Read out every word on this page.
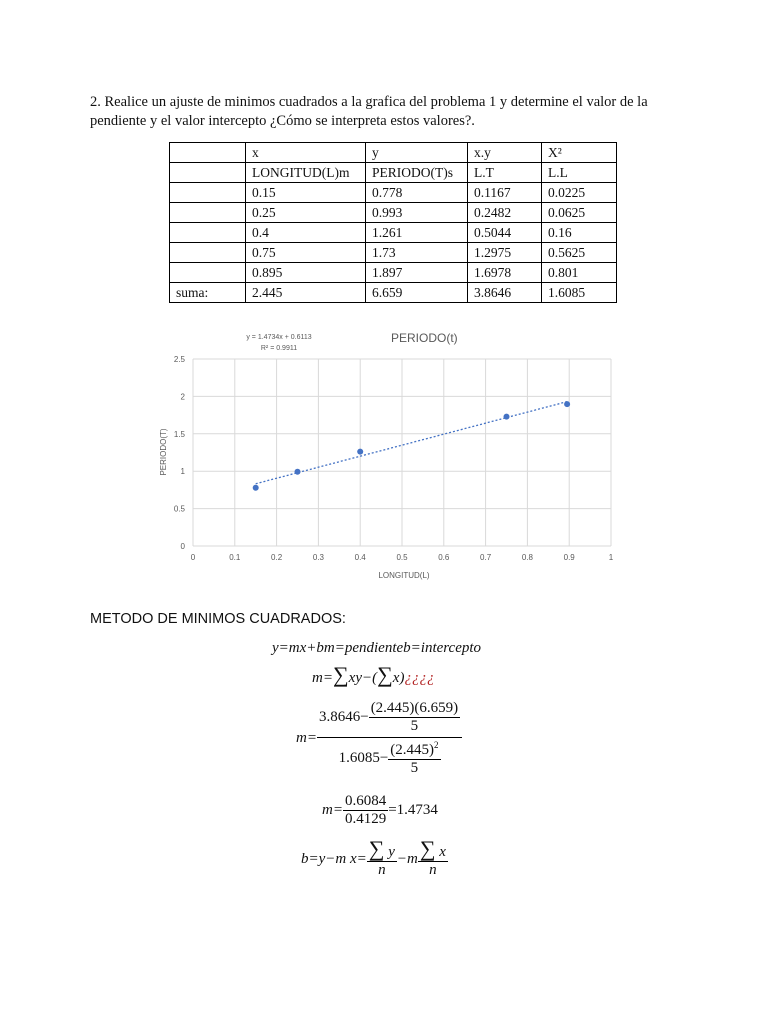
2. Realice un ajuste de minimos cuadrados a la grafica del problema 1 y determine el valor de la pendiente y el valor intercepto ¿Cómo se interpreta estos valores?.
	x	y	x.y	X²
	LONGITUD(L)m	PERIODO(T)s	L.T	L.L
	0.15	0.778	0.1167	0.0225
	0.25	0.993	0.2482	0.0625
	0.4	1.261	0.5044	0.16
	0.75	1.73	1.2975	0.5625
	0.895	1.897	1.6978	0.801
suma:	2.445	6.659	3.8646	1.6085
0	0.1	0.2	0.3	0.4	0.5	0.6	0.7	0.8	0.9	1
0
0.5
1
1.5
2
2.5
PERIODO(t)
y = 1.4734x + 0.6113
R² = 0.9911
LONGITUD(L)
PERIODO(T)
METODO DE MINIMOS CUADRADOS:
y=mx+bm=pendienteb=intercepto
m=∑xy−(∑x)¿¿¿¿
$m= \frac{3.8646- \frac{(2.445)(6.659)}{5}}{1.6085- \frac{(2.445)^2}{5}}$
$m= \frac{0.6084}{0.4129} =1.4734$
b=y−m $x= \frac{\sum y}{n} -m \frac{\sum x}{n}$
